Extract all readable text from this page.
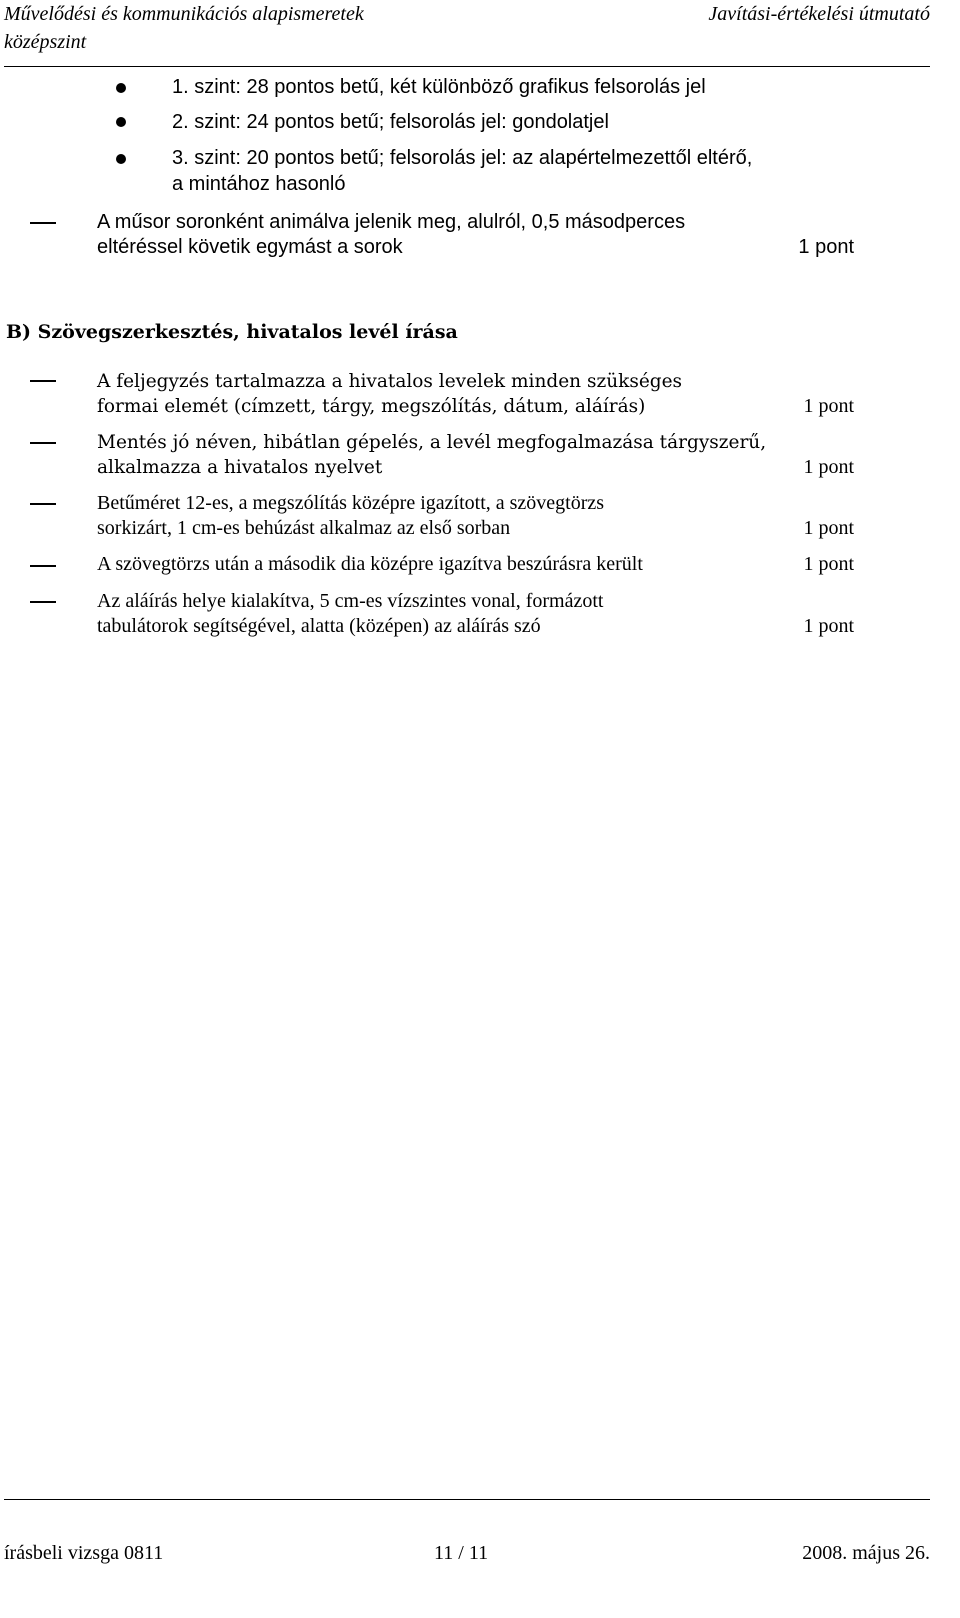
Művelődési és kommunikációs alapismeretek
középszint
Javítási-értékelési útmutató
1. szint: 28 pontos betű, két különböző grafikus felsorolás jel
2. szint: 24 pontos betű; felsorolás jel: gondolatjel
3. szint: 20 pontos betű; felsorolás jel: az alapértelmezettől eltérő,
a mintához hasonló
A műsor soronként animálva jelenik meg, alulról, 0,5 másodperces
eltéréssel követik egymást a sorok	1 pont
B) Szövegszerkesztés, hivatalos levél írása
A feljegyzés tartalmazza a hivatalos levelek minden szükséges
formai elemét (címzett, tárgy, megszólítás, dátum, aláírás)	1 pont
Mentés jó néven, hibátlan gépelés, a levél megfogalmazása tárgyszerű,
alkalmazza a hivatalos nyelvet	1 pont
Betűméret 12-es, a megszólítás középre igazított, a szövegtörzs
sorkizárt, 1 cm-es behúzást alkalmaz az első sorban	1 pont
A szövegtörzs után a második dia középre igazítva beszúrásra került	1 pont
Az aláírás helye kialakítva, 5 cm-es vízszintes vonal, formázott
tabulátorok segítségével, alatta (középen) az aláírás szó	1 pont
írásbeli vizsga 0811	11 / 11	2008. május 26.
